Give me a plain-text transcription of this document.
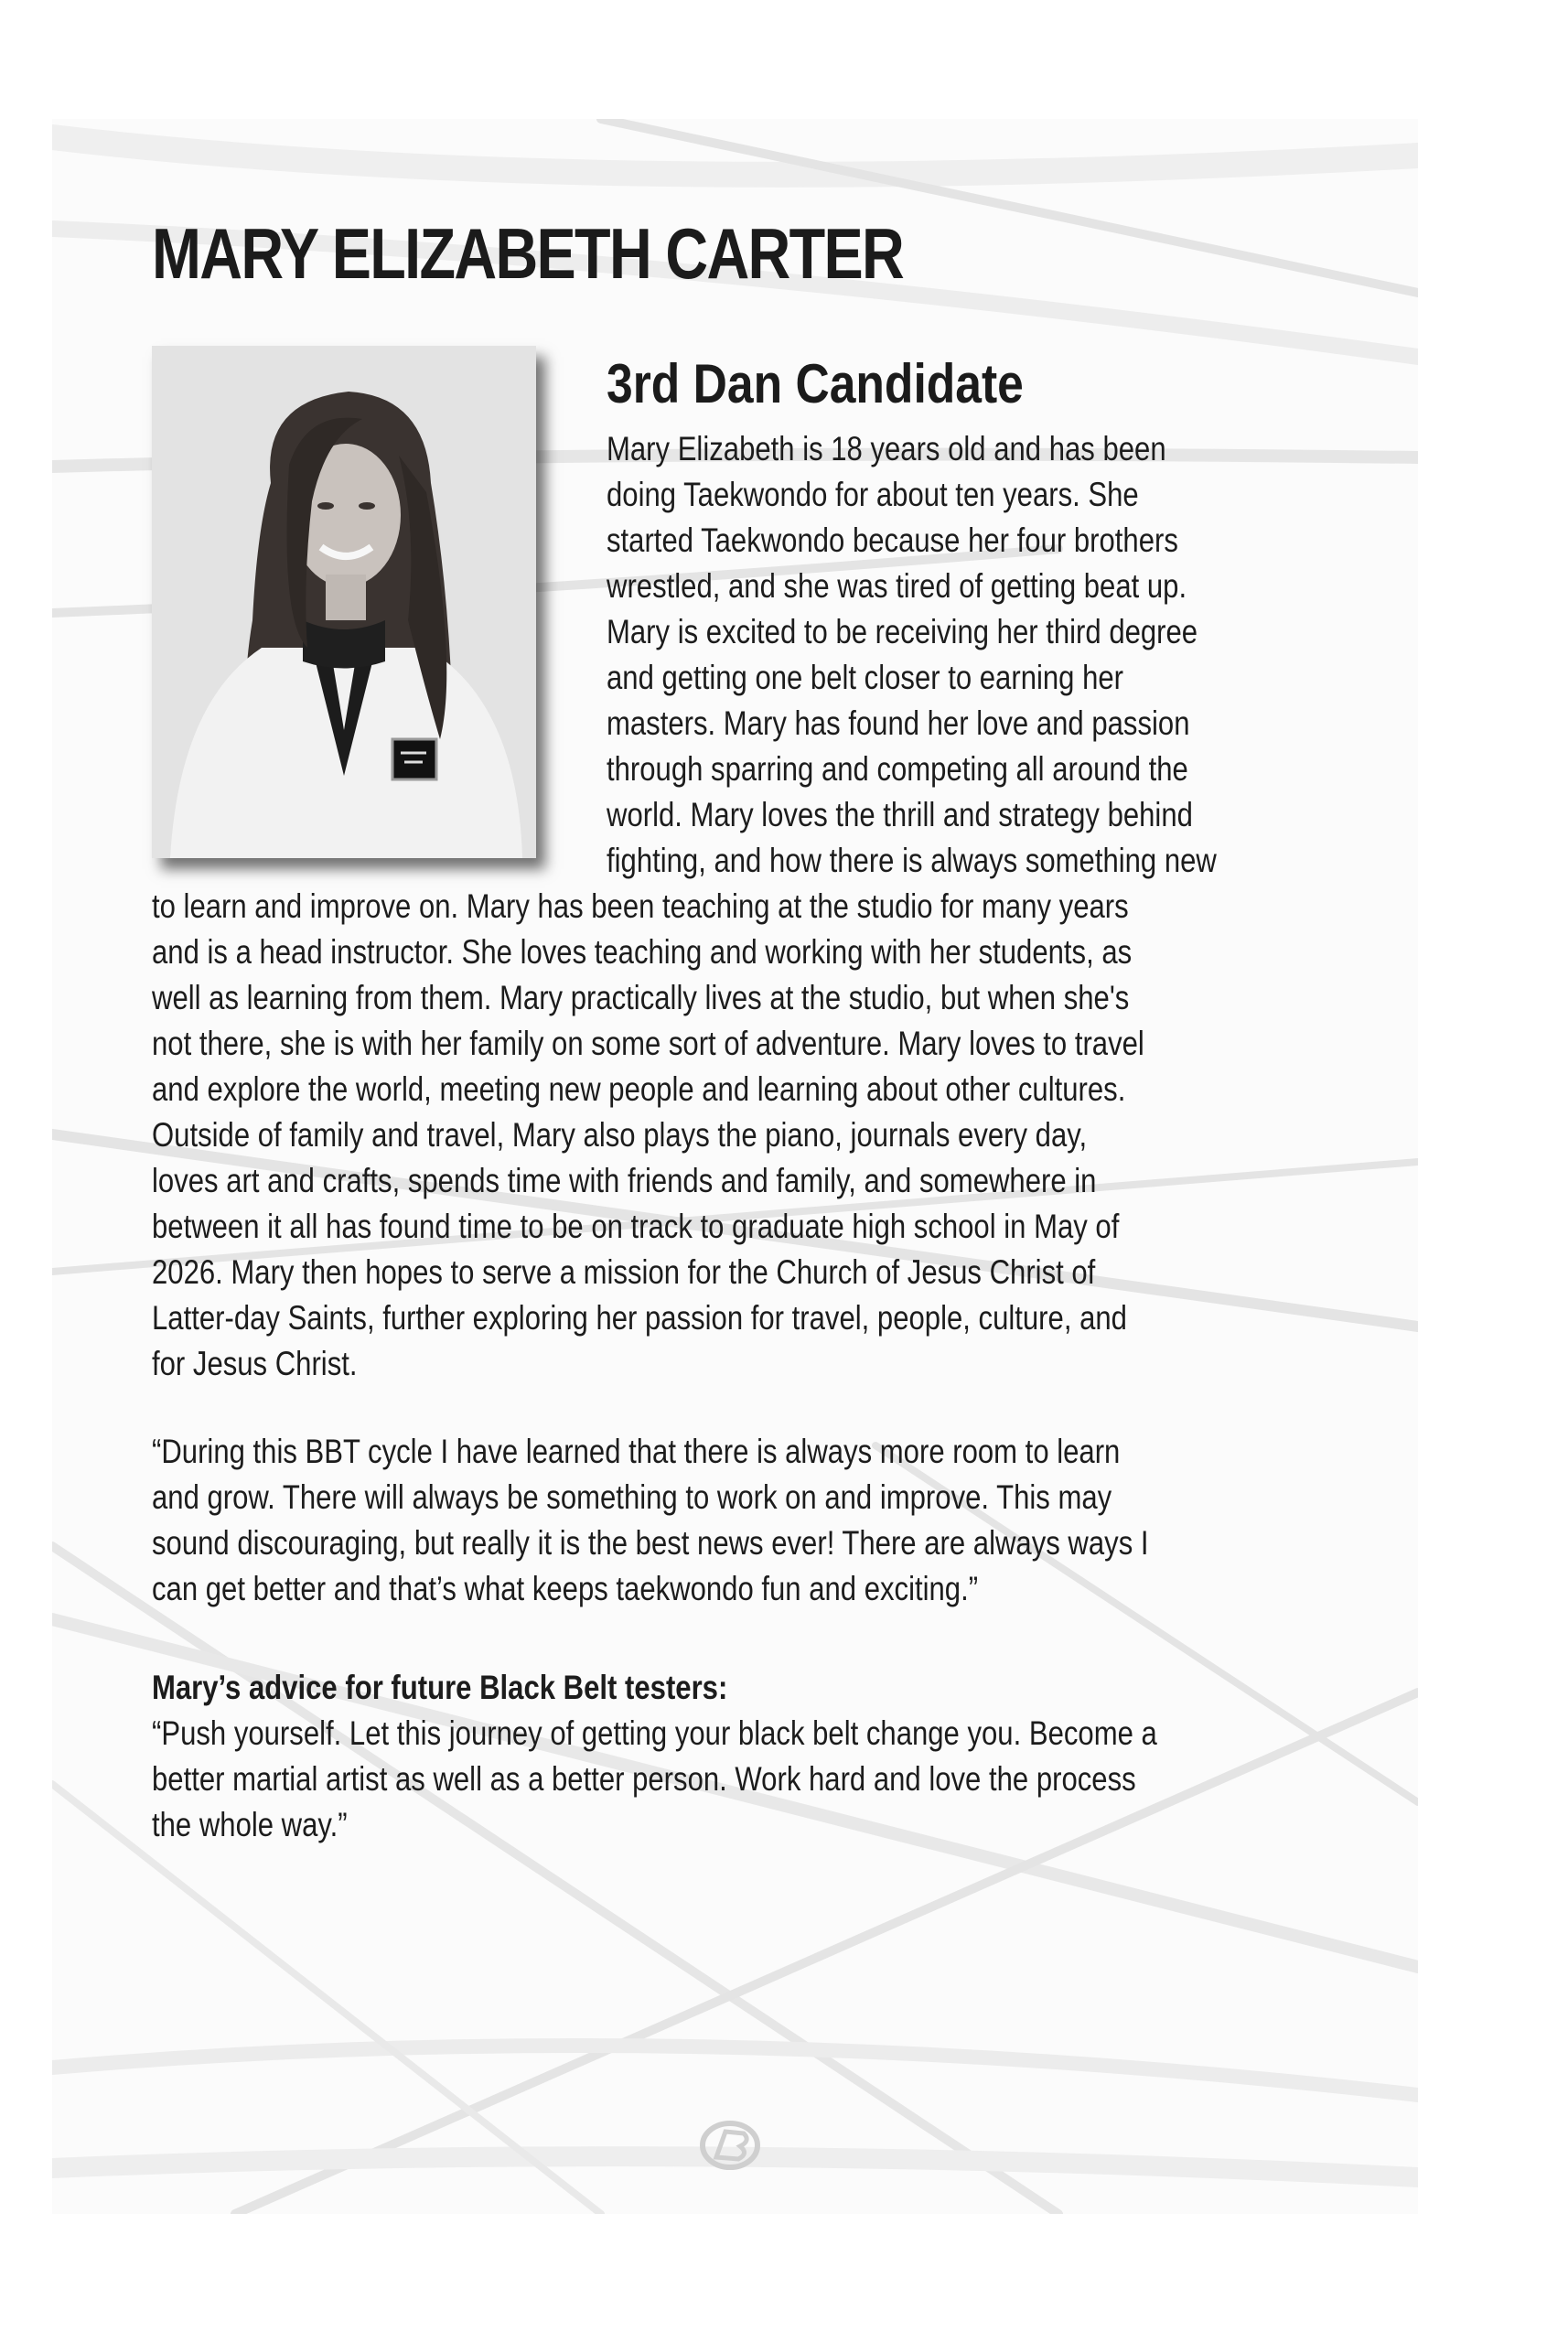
MARY ELIZABETH CARTER
3rd Dan Candidate
Mary Elizabeth is 18 years old and has been
doing Taekwondo for about ten years. She
started Taekwondo because her four brothers
wrestled, and she was tired of getting beat up.
Mary is excited to be receiving her third degree
and getting one belt closer to earning her
masters. Mary has found her love and passion
through sparring and competing all around the
world. Mary loves the thrill and strategy behind
fighting, and how there is always something new
to learn and improve on. Mary has been teaching at the studio for many years
and is a head instructor. She loves teaching and working with her students, as
well as learning from them. Mary practically lives at the studio, but when she's
not there, she is with her family on some sort of adventure. Mary loves to travel
and explore the world, meeting new people and learning about other cultures.
Outside of family and travel, Mary also plays the piano, journals every day,
loves art and crafts, spends time with friends and family, and somewhere in
between it all has found time to be on track to graduate high school in May of
2026. Mary then hopes to serve a mission for the Church of Jesus Christ of
Latter-day Saints, further exploring her passion for travel, people, culture, and
for Jesus Christ.
“During this BBT cycle I have learned that there is always more room to learn
and grow. There will always be something to work on and improve. This may
sound discouraging, but really it is the best news ever! There are always ways I
can get better and that’s what keeps taekwondo fun and exciting.”
Mary’s advice for future Black Belt testers:
“Push yourself. Let this journey of getting your black belt change you. Become a
better martial artist as well as a better person. Work hard and love the process
the whole way.”
